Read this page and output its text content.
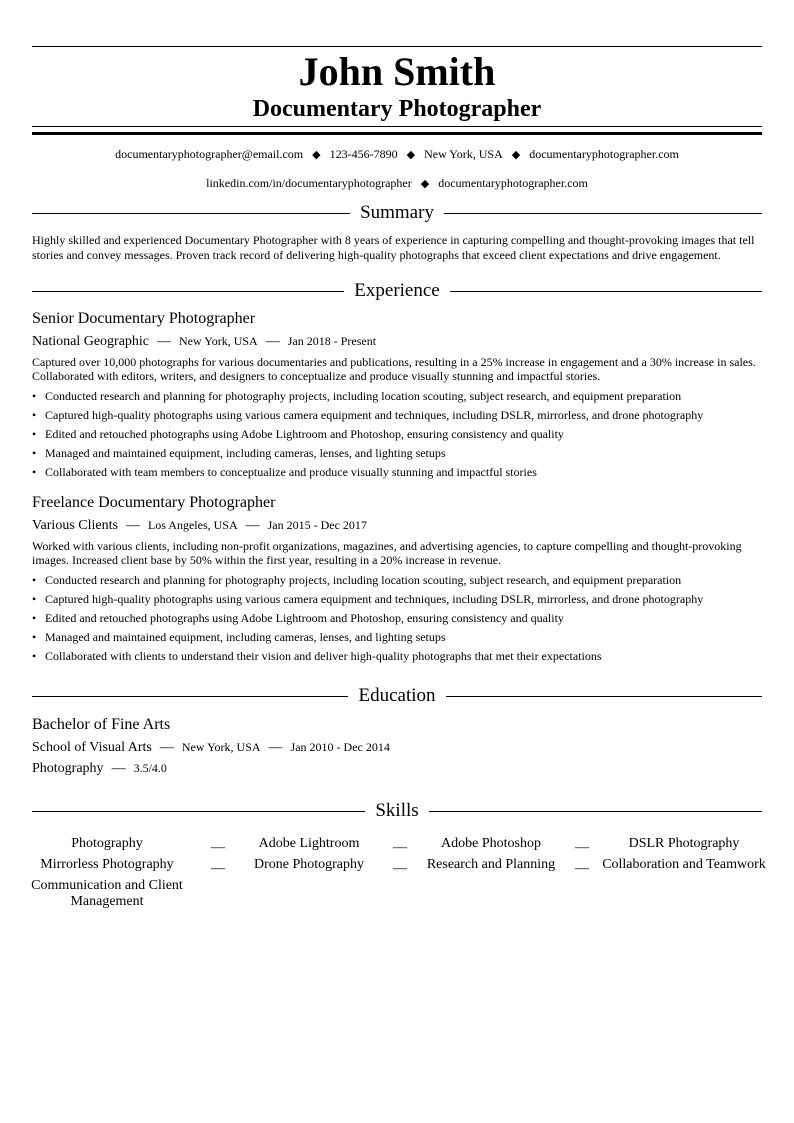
John Smith
Documentary Photographer
documentaryphotographer@email.com ◆ 123-456-7890 ◆ New York, USA ◆ documentaryphotographer.com
linkedin.com/in/documentaryphotographer ◆ documentaryphotographer.com
Summary
Highly skilled and experienced Documentary Photographer with 8 years of experience in capturing compelling and thought-provoking images that tell stories and convey messages. Proven track record of delivering high-quality photographs that exceed client expectations and drive engagement.
Experience
Senior Documentary Photographer
National Geographic — New York, USA — Jan 2018 - Present
Captured over 10,000 photographs for various documentaries and publications, resulting in a 25% increase in engagement and a 30% increase in sales. Collaborated with editors, writers, and designers to conceptualize and produce visually stunning and impactful stories.
• Conducted research and planning for photography projects, including location scouting, subject research, and equipment preparation
• Captured high-quality photographs using various camera equipment and techniques, including DSLR, mirrorless, and drone photography
• Edited and retouched photographs using Adobe Lightroom and Photoshop, ensuring consistency and quality
• Managed and maintained equipment, including cameras, lenses, and lighting setups
• Collaborated with team members to conceptualize and produce visually stunning and impactful stories
Freelance Documentary Photographer
Various Clients — Los Angeles, USA — Jan 2015 - Dec 2017
Worked with various clients, including non-profit organizations, magazines, and advertising agencies, to capture compelling and thought-provoking images. Increased client base by 50% within the first year, resulting in a 20% increase in revenue.
• Conducted research and planning for photography projects, including location scouting, subject research, and equipment preparation
• Captured high-quality photographs using various camera equipment and techniques, including DSLR, mirrorless, and drone photography
• Edited and retouched photographs using Adobe Lightroom and Photoshop, ensuring consistency and quality
• Managed and maintained equipment, including cameras, lenses, and lighting setups
• Collaborated with clients to understand their vision and deliver high-quality photographs that met their expectations
Education
Bachelor of Fine Arts
School of Visual Arts — New York, USA — Jan 2010 - Dec 2014
Photography — 3.5/4.0
Skills
Photography	—	Adobe Lightroom	—	Adobe Photoshop	—	DSLR Photography
Mirrorless Photography	—	Drone Photography	—	Research and Planning	— Collaboration and Teamwork
Communication and Client Management
